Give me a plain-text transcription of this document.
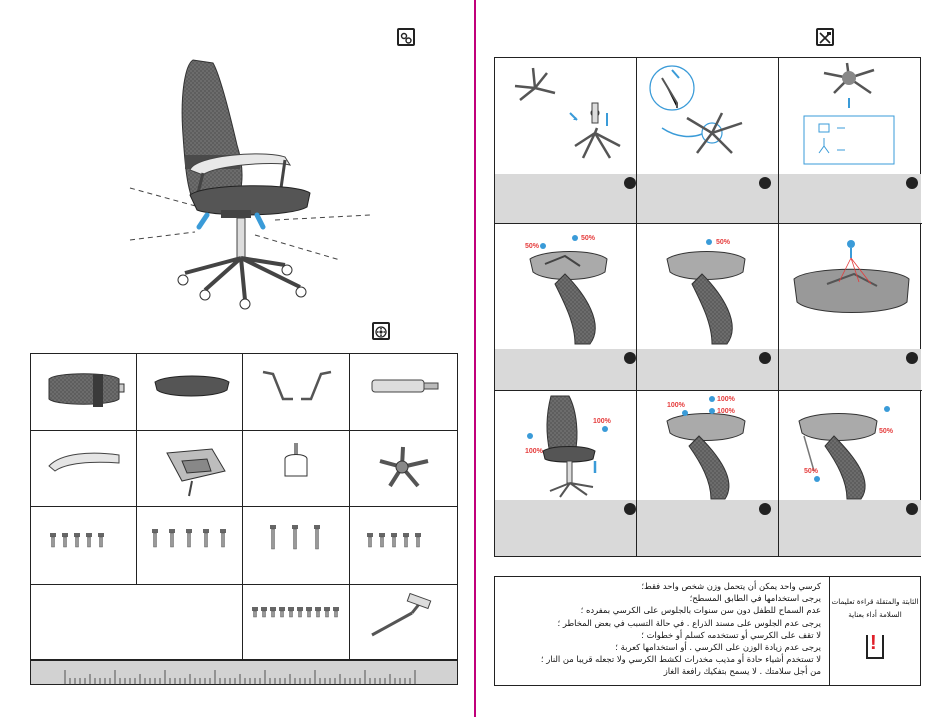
50%
50%
50%
100%
100%
100%
100%
100%
50%
50%
كرسي واحد يمكن أن يتحمل وزن شخص واحد فقط؛
يرجى استخدامها في الطابق المسطح؛
عدم السماح للطفل دون سن سنوات بالجلوس على الكرسي بمفرده ؛
يرجى عدم الجلوس على مسند الذراع . في حالة التسبب في بعض المخاطر ؛
لا تقف على الكرسي أو تستخدمه كسلم أو خطوات ؛
يرجى عدم زيادة الوزن على الكرسي . أو استخدامها كعربة ؛
لا تستخدم أشياء حادة أو مذيب مخدرات لكشط الكرسي ولا تجعله قريبا من النار ؛
من أجل سلامتك . لا يسمح بتفكيك رافعة الغاز
الثابتة والمتقلة قراءة تعليمات
السلامة أداء بعناية
!
